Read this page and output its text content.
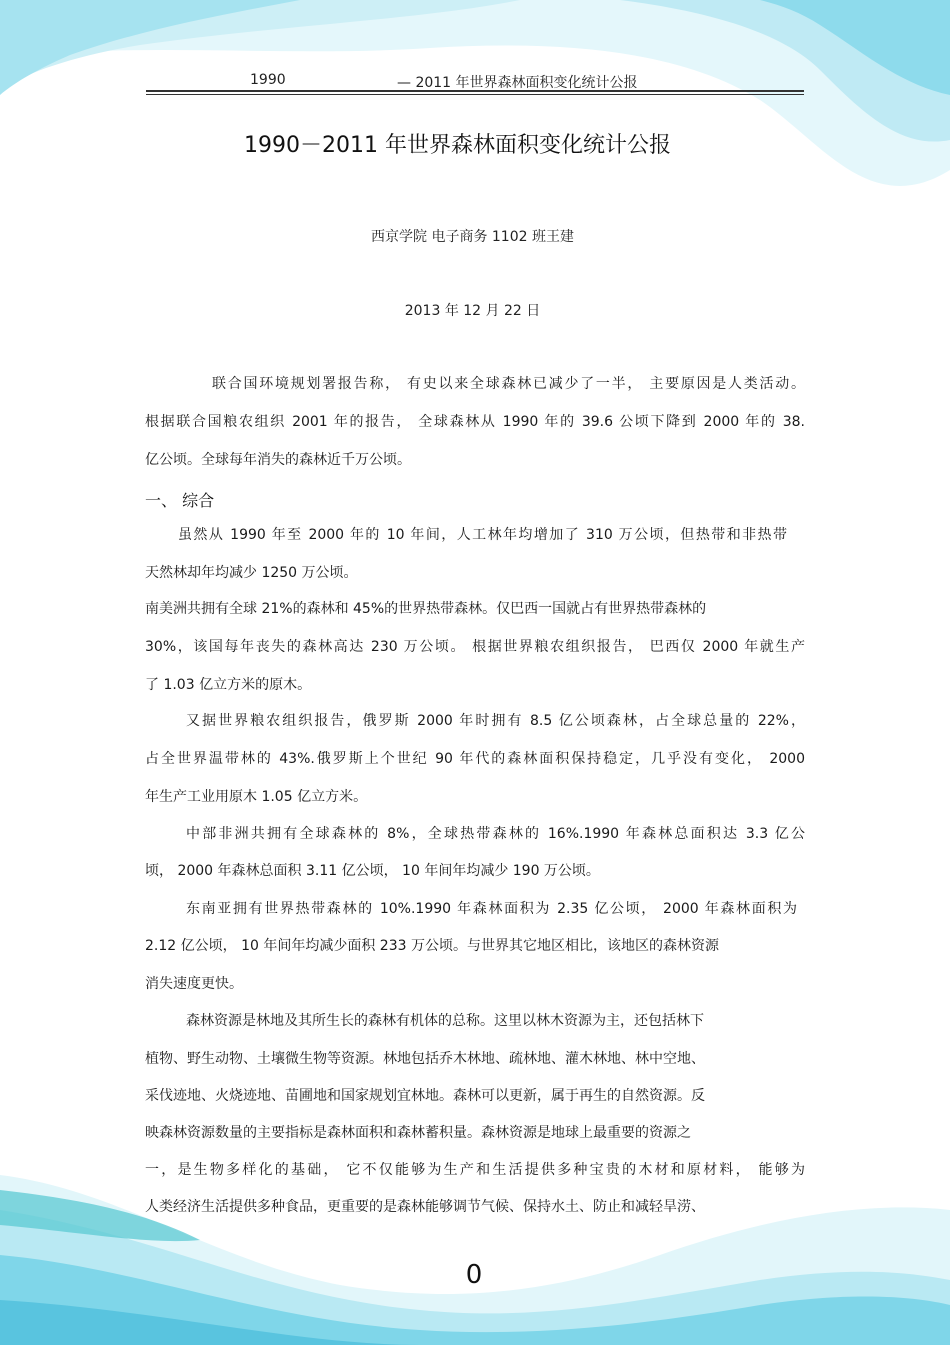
1990	— 2011 年世界森林面积变化统计公报
1990－2011 年世界森林面积变化统计公报
西京学院 电子商务 1102 班王建
2013 年 12 月 22 日
联合国环境规划署报告称， 有史以来全球森林已减少了一半， 主要原因是人类活动。
根据联合国粮农组织 2001 年的报告， 全球森林从 1990 年的 39.6 公顷下降到 2000 年的 38.
亿公顷。全球每年消失的森林近千万公顷。
一、 综合
虽然从 1990 年至 2000 年的 10 年间，人工林年均增加了 310 万公顷，但热带和非热带
天然林却年均减少 1250 万公顷。
南美洲共拥有全球 21%的森林和 45%的世界热带森林。仅巴西一国就占有世界热带森林的
30%，该国每年丧失的森林高达 230 万公顷。 根据世界粮农组织报告， 巴西仅 2000 年就生产
了 1.03 亿立方米的原木。
又据世界粮农组织报告，俄罗斯 2000 年时拥有 8.5 亿公顷森林，占全球总量的 22%，
占全世界温带林的 43%.俄罗斯上个世纪 90 年代的森林面积保持稳定，几乎没有变化， 2000
年生产工业用原木 1.05 亿立方米。
中部非洲共拥有全球森林的 8%，全球热带森林的 16%.1990 年森林总面积达 3.3 亿公
顷， 2000 年森林总面积 3.11 亿公顷， 10 年间年均减少 190 万公顷。
东南亚拥有世界热带森林的 10%.1990 年森林面积为 2.35 亿公顷， 2000 年森林面积为
2.12 亿公顷， 10 年间年均减少面积 233 万公顷。与世界其它地区相比，该地区的森林资源
消失速度更快。
森林资源是林地及其所生长的森林有机体的总称。这里以林木资源为主，还包括林下
植物、野生动物、土壤微生物等资源。林地包括乔木林地、疏林地、灌木林地、林中空地、
采伐迹地、火烧迹地、苗圃地和国家规划宜林地。森林可以更新，属于再生的自然资源。反
映森林资源数量的主要指标是森林面积和森林蓄积量。森林资源是地球上最重要的资源之
一，是生物多样化的基础， 它不仅能够为生产和生活提供多种宝贵的木材和原材料， 能够为
人类经济生活提供多种食品，更重要的是森林能够调节气候、保持水土、防止和减轻旱涝、
0
